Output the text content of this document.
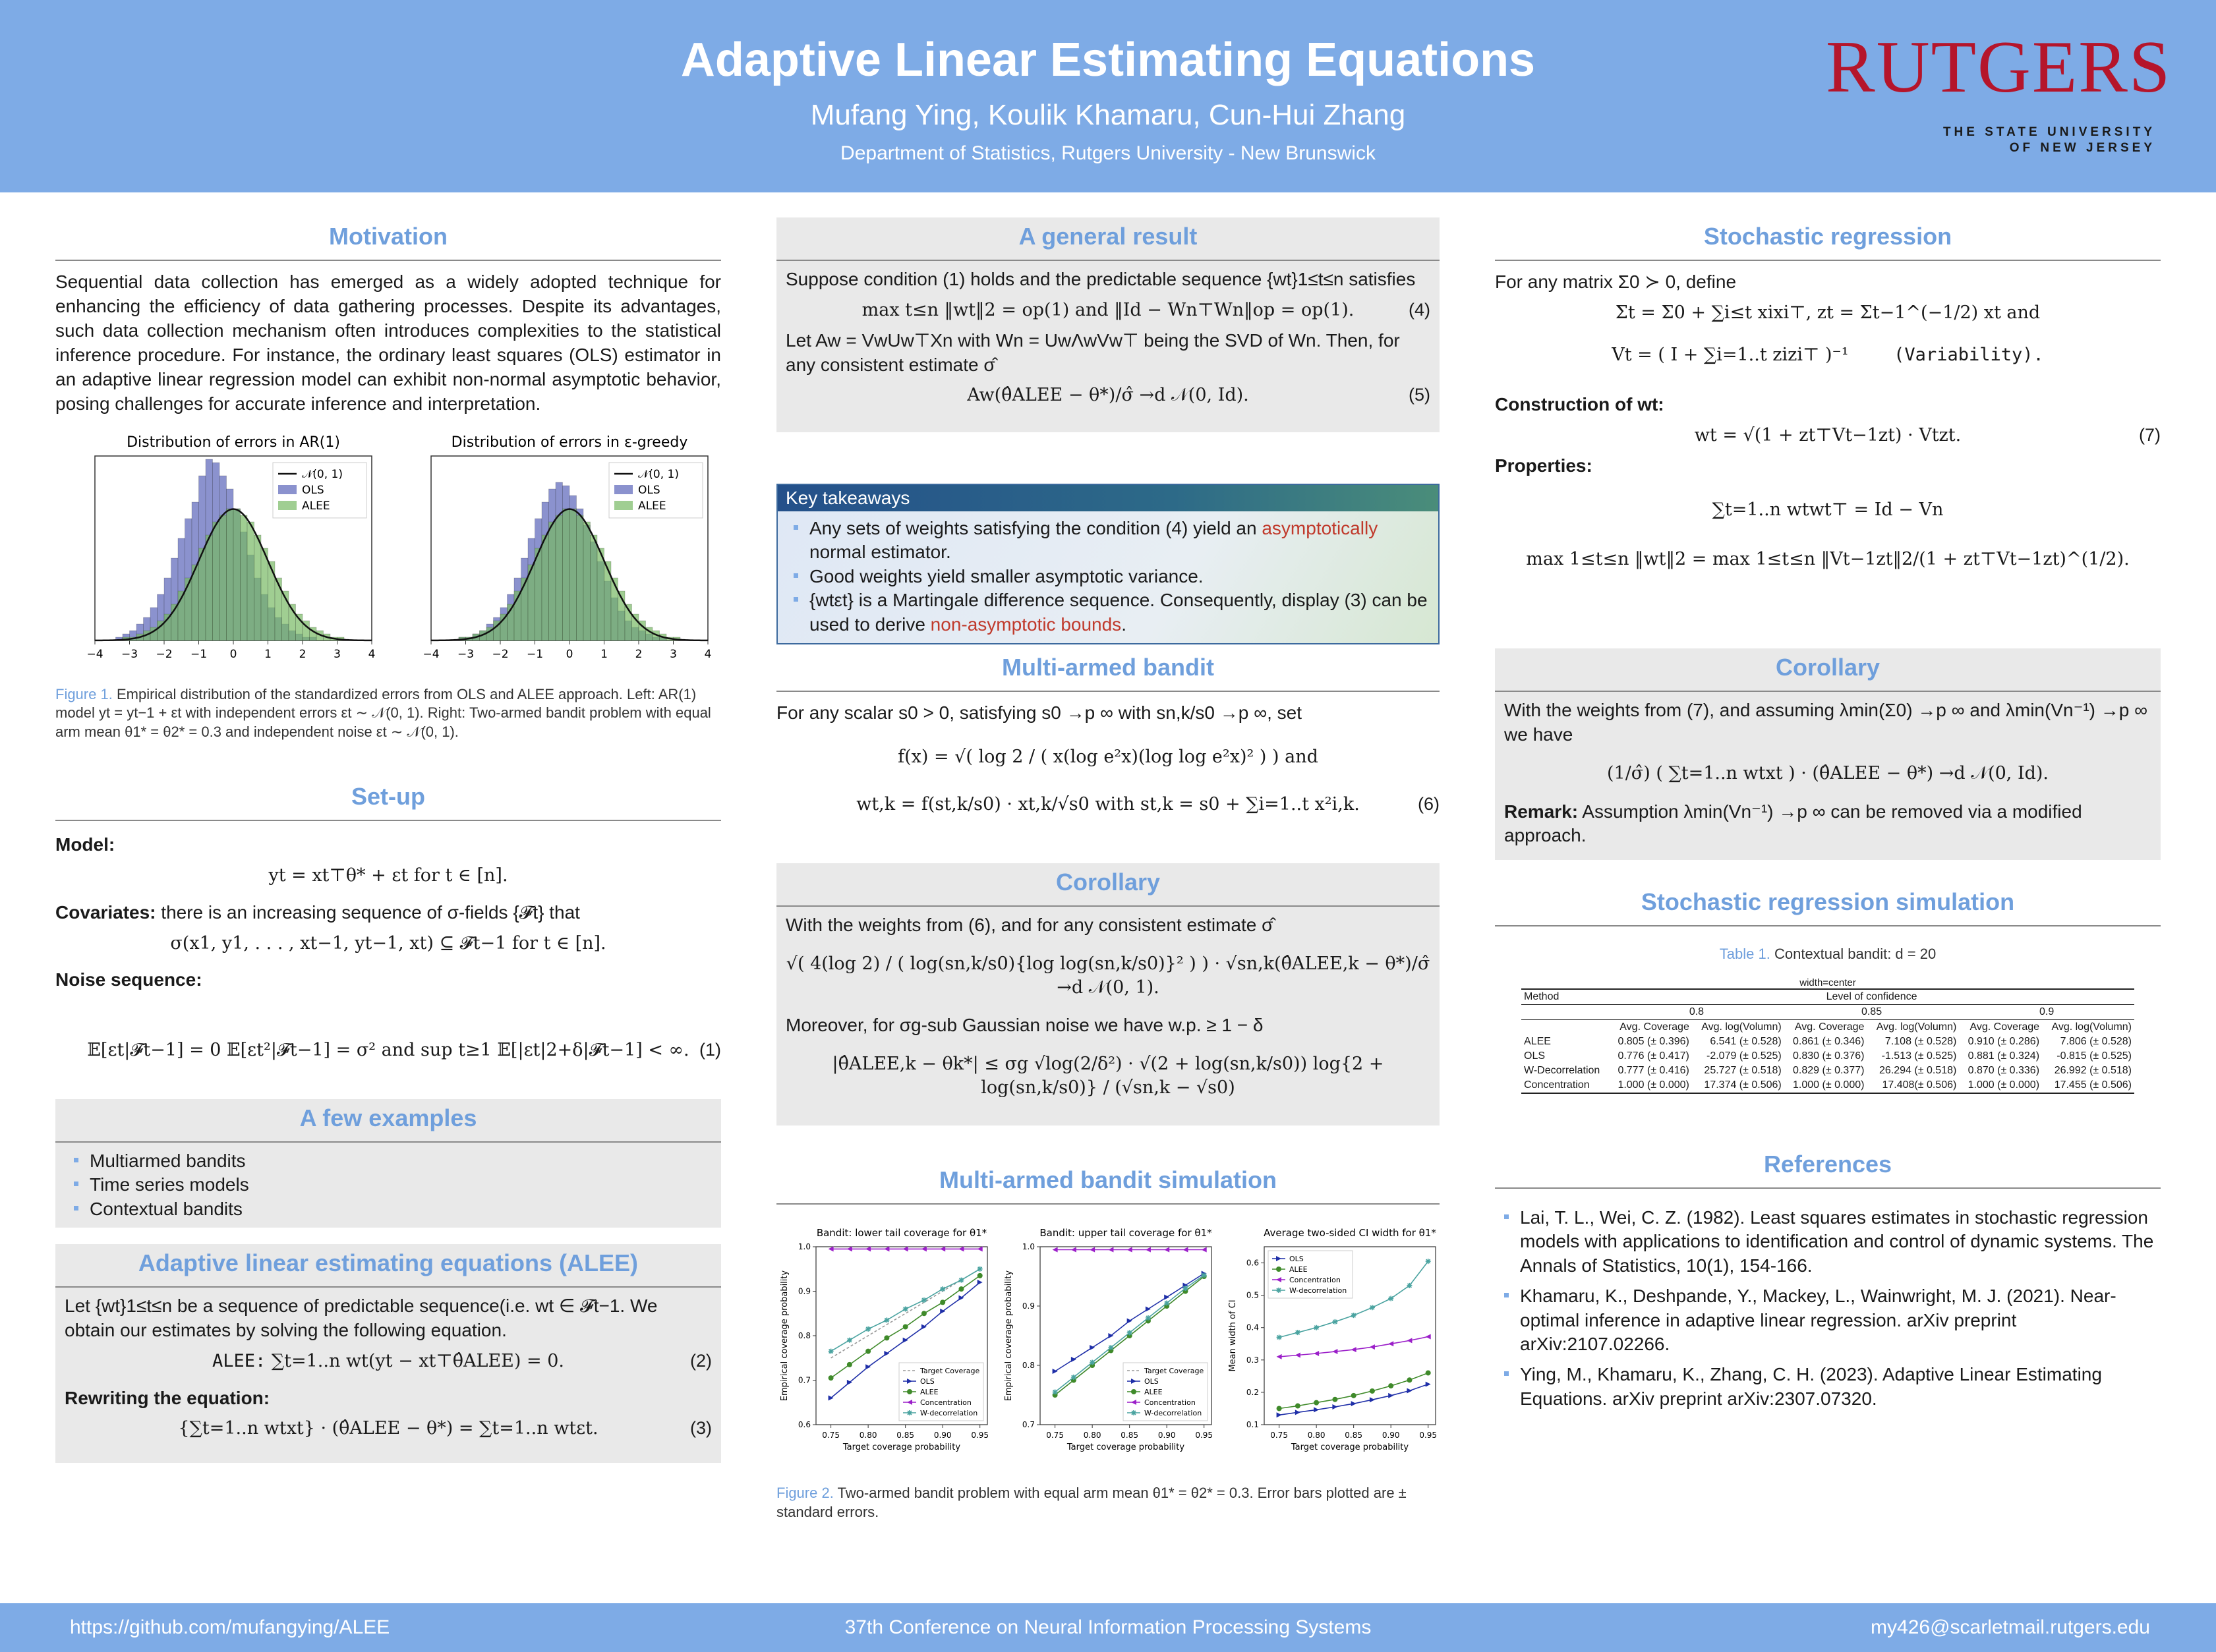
Adaptive Linear Estimating Equations
Mufang Ying, Koulik Khamaru, Cun-Hui Zhang
Department of Statistics, Rutgers University - New Brunswick
RUTGERS
THE STATE UNIVERSITY
OF NEW JERSEY
Motivation
Sequential data collection has emerged as a widely adopted technique for enhancing the efficiency of data gathering processes. Despite its advantages, such data collection mechanism often introduces complexities to the statistical inference procedure. For instance, the ordinary least squares (OLS) estimator in an adaptive linear regression model can exhibit non-normal asymptotic behavior, posing challenges for accurate inference and interpretation.
Distribution of errors in AR(1)
−4 −3 −2 −1 0 1 2 3 4
𝒩(0, 1)
OLS
ALEE
Distribution of errors in ε-greedy
−4 −3 −2 −1 0 1 2 3 4
𝒩(0, 1)
OLS
ALEE
Figure 1. Empirical distribution of the standardized errors from OLS and ALEE approach. Left: AR(1) model yt = yt−1 + εt with independent errors εt ∼ 𝒩(0, 1). Right: Two-armed bandit problem with equal arm mean θ1* = θ2* = 0.3 and independent noise εt ∼ 𝒩(0, 1).
Set-up
Model:
yt = xt⊤θ* + εt for t ∈ [n].
Covariates: there is an increasing sequence of σ-fields {𝓕t} that
σ(x1, y1, . . . , xt−1, yt−1, xt) ⊆ 𝓕t−1 for t ∈ [n].
Noise sequence:
𝔼[εt|𝓕t−1] = 0 𝔼[εt²|𝓕t−1] = σ² and sup t≥1 𝔼[|εt|2+δ|𝓕t−1] < ∞. (1)
A few examples
Multiarmed bandits
Time series models
Contextual bandits
Adaptive linear estimating equations (ALEE)
Let {wt}1≤t≤n be a sequence of predictable sequence(i.e. wt ∈ 𝓕t−1. We obtain our estimates by solving the following equation.
ALEE: ∑t=1..n wt(yt − xt⊤θ̂ALEE) = 0.	(2)
Rewriting the equation:
{∑t=1..n wtxt} · (θ̂ALEE − θ*) = ∑t=1..n wtεt.	(3)
A general result
Suppose condition (1) holds and the predictable sequence {wt}1≤t≤n satisfies
max t≤n ‖wt‖2 = op(1) and ‖Id − Wn⊤Wn‖op = op(1).	(4)
Let Aw = VwUw⊤Xn with Wn = UwΛwVw⊤ being the SVD of Wn. Then, for any consistent estimate σ̂
Aw(θ̂ALEE − θ*)/σ̂ →d 𝒩(0, Id).	(5)
Key takeaways
Any sets of weights satisfying the condition (4) yield an asymptotically normal estimator.
Good weights yield smaller asymptotic variance.
{wtεt} is a Martingale difference sequence. Consequently, display (3) can be used to derive non-asymptotic bounds.
Multi-armed bandit
For any scalar s0 > 0, satisfying s0 →p ∞ with sn,k/s0 →p ∞, set
f(x) = √( log 2 / ( x(log e²x)(log log e²x)² ) ) and
wt,k = f(st,k/s0) · xt,k/√s0 with st,k = s0 + ∑i=1..t x²i,k.	(6)
Corollary
With the weights from (6), and for any consistent estimate σ̂
√( 4(log 2) / ( log(sn,k/s0){log log(sn,k/s0)}² ) ) · √sn,k(θ̂ALEE,k − θ*)/σ̂ →d 𝒩(0, 1).
Moreover, for σg-sub Gaussian noise we have w.p. ≥ 1 − δ
|θ̂ALEE,k − θk*| ≤ σg √log(2/δ²) · √(2 + log(sn,k/s0)) log{2 + log(sn,k/s0)} / (√sn,k − √s0)
Multi-armed bandit simulation
Bandit: lower tail coverage for θ1*
0.75 0.80 0.85 0.90 0.95
0.6
0.7
0.8
0.9
1.0
Target coverage probability
Empirical coverage probability	Target Coverage
OLS
ALEE
Concentration
W-decorrelation
Bandit: upper tail coverage for θ1*
0.75 0.80 0.85 0.90 0.95
0.7
0.8
0.9
1.0
Target coverage probability
Empirical coverage probability	Target Coverage
OLS
ALEE
Concentration
W-decorrelation
Average two-sided CI width for θ1*
0.75 0.80 0.85 0.90 0.95
0.1
0.2
0.3
0.4
0.5
0.6
Target coverage probability
Mean width of CI
OLS
ALEE
Concentration
W-decorrelation
Figure 2. Two-armed bandit problem with equal arm mean θ1* = θ2* = 0.3. Error bars plotted are ± standard errors.
Stochastic regression
For any matrix Σ0 ≻ 0, define
Σt = Σ0 + ∑i≤t xixi⊤, zt = Σt−1^(−1/2) xt and
Vt = ( I + ∑i=1..t zizi⊤ )⁻¹	(Variability).
Construction of wt:
wt = √(1 + zt⊤Vt−1zt) · Vtzt.	(7)
Properties:
∑t=1..n wtwt⊤ = Id − Vn
max 1≤t≤n ‖wt‖2 = max 1≤t≤n ‖Vt−1zt‖2/(1 + zt⊤Vt−1zt)^(1/2).
Corollary
With the weights from (7), and assuming λmin(Σ0) →p ∞ and λmin(Vn⁻¹) →p ∞ we have
(1/σ̂) ( ∑t=1..n wtxt ) · (θ̂ALEE − θ*) →d 𝒩(0, Id).
Remark: Assumption λmin(Vn⁻¹) →p ∞ can be removed via a modified approach.
Stochastic regression simulation
Table 1. Contextual bandit: d = 20
width=center
Method	Level of confidence					
	0.8		0.85		0.9	
	Avg. Coverage	Avg. log(Volumn)	Avg. Coverage	Avg. log(Volumn)	Avg. Coverage	Avg. log(Volumn)
ALEE	0.805 (± 0.396)	6.541 (± 0.528)	0.861 (± 0.346)	7.108 (± 0.528)	0.910 (± 0.286)	7.806 (± 0.528)
OLS	0.776 (± 0.417)	-2.079 (± 0.525)	0.830 (± 0.376)	-1.513 (± 0.525)	0.881 (± 0.324)	-0.815 (± 0.525)
W-Decorrelation	0.777 (± 0.416)	25.727 (± 0.518)	0.829 (± 0.377)	26.294 (± 0.518)	0.870 (± 0.336)	26.992 (± 0.518)
Concentration	1.000 (± 0.000)	17.374 (± 0.506)	1.000 (± 0.000)	17.408(± 0.506)	1.000 (± 0.000)	17.455 (± 0.506)
References
Lai, T. L., Wei, C. Z. (1982). Least squares estimates in stochastic regression models with applications to identification and control of dynamic systems. The Annals of Statistics, 10(1), 154-166.
Khamaru, K., Deshpande, Y., Mackey, L., Wainwright, M. J. (2021). Near-optimal inference in adaptive linear regression. arXiv preprint arXiv:2107.02266.
Ying, M., Khamaru, K., Zhang, C. H. (2023). Adaptive Linear Estimating Equations. arXiv preprint arXiv:2307.07320.
https://github.com/mufangying/ALEE	37th Conference on Neural Information Processing Systems	my426@scarletmail.rutgers.edu
